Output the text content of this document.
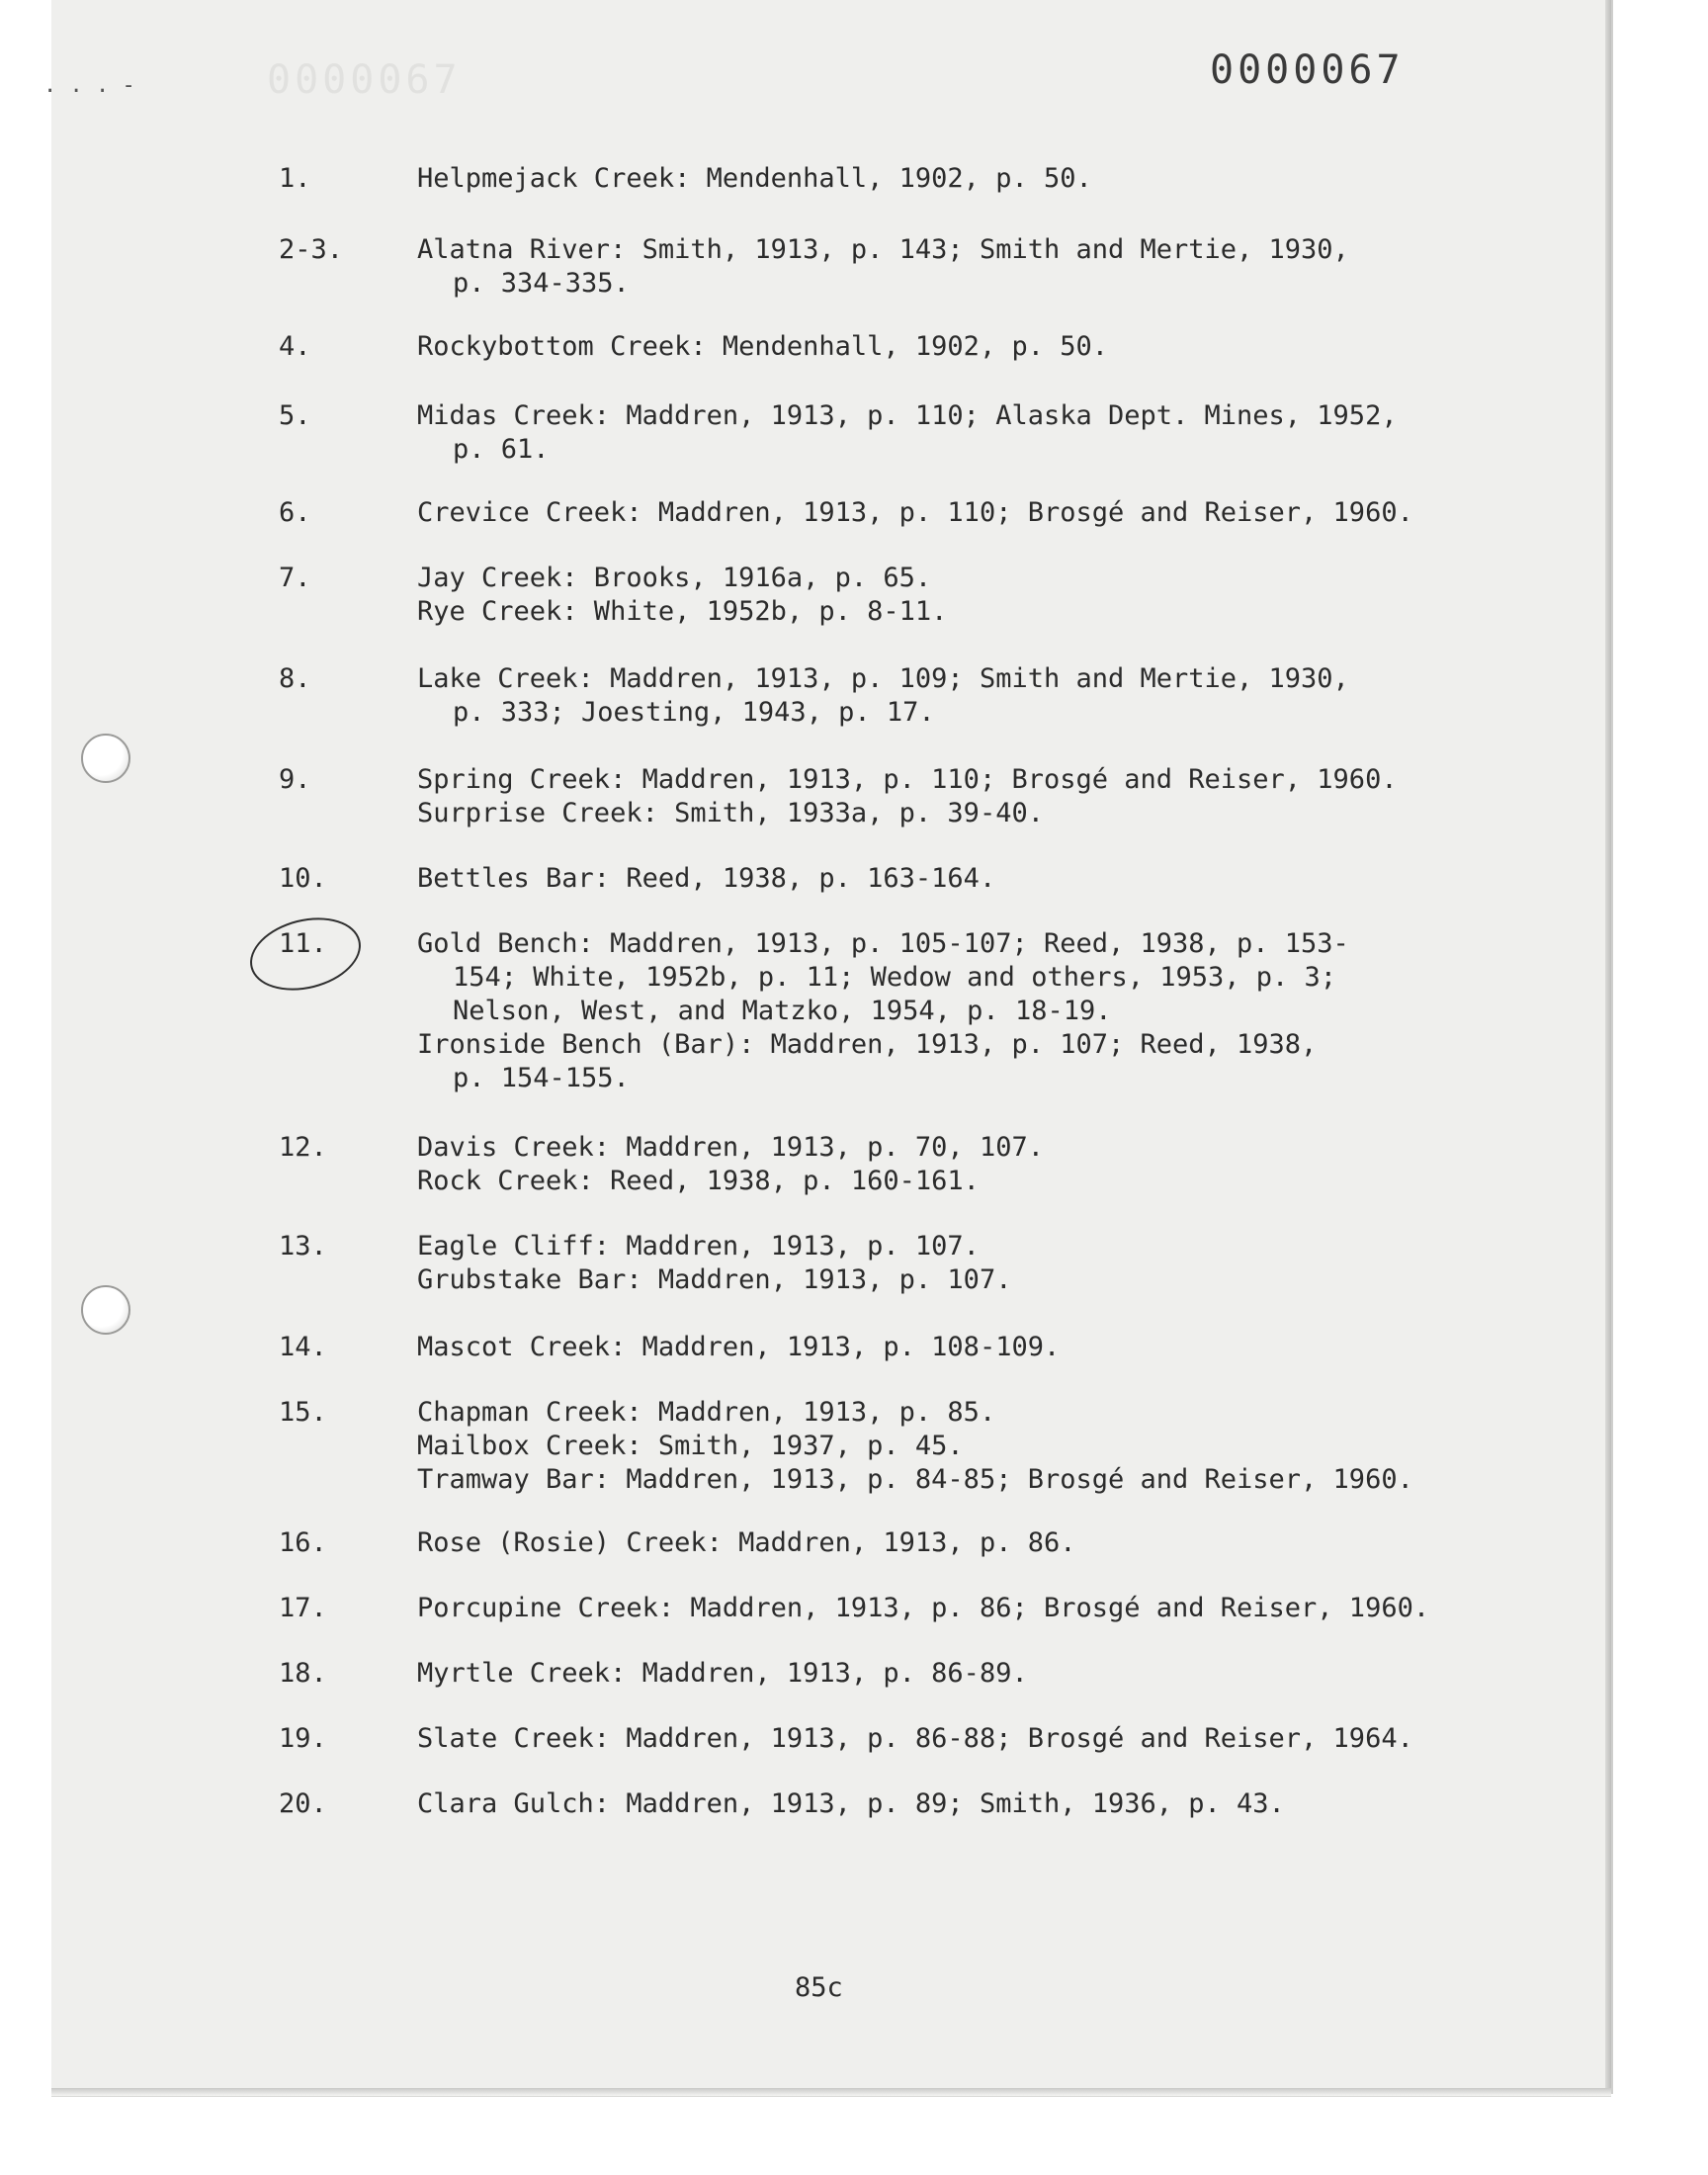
0000067	0000067
. . . -
1.	Helpmejack Creek: Mendenhall, 1902, p. 50.
2-3.	Alatna River: Smith, 1913, p. 143; Smith and Mertie, 1930,
p. 334-335.
4.	Rockybottom Creek: Mendenhall, 1902, p. 50.
5.	Midas Creek: Maddren, 1913, p. 110; Alaska Dept. Mines, 1952,
p. 61.
6.	Crevice Creek: Maddren, 1913, p. 110; Brosgé and Reiser, 1960.
7.	Jay Creek: Brooks, 1916a, p. 65.
Rye Creek: White, 1952b, p. 8-11.
8.	Lake Creek: Maddren, 1913, p. 109; Smith and Mertie, 1930,
p. 333; Joesting, 1943, p. 17.
9.	Spring Creek: Maddren, 1913, p. 110; Brosgé and Reiser, 1960.
Surprise Creek: Smith, 1933a, p. 39-40.
10.	Bettles Bar: Reed, 1938, p. 163-164.
11.	Gold Bench: Maddren, 1913, p. 105-107; Reed, 1938, p. 153-
154; White, 1952b, p. 11; Wedow and others, 1953, p. 3;
Nelson, West, and Matzko, 1954, p. 18-19.
Ironside Bench (Bar): Maddren, 1913, p. 107; Reed, 1938,
p. 154-155.
12.	Davis Creek: Maddren, 1913, p. 70, 107.
Rock Creek: Reed, 1938, p. 160-161.
13.	Eagle Cliff: Maddren, 1913, p. 107.
Grubstake Bar: Maddren, 1913, p. 107.
14.	Mascot Creek: Maddren, 1913, p. 108-109.
15.	Chapman Creek: Maddren, 1913, p. 85.
Mailbox Creek: Smith, 1937, p. 45.
Tramway Bar: Maddren, 1913, p. 84-85; Brosgé and Reiser, 1960.
16.	Rose (Rosie) Creek: Maddren, 1913, p. 86.
17.	Porcupine Creek: Maddren, 1913, p. 86; Brosgé and Reiser, 1960.
18.	Myrtle Creek: Maddren, 1913, p. 86-89.
19.	Slate Creek: Maddren, 1913, p. 86-88; Brosgé and Reiser, 1964.
20.	Clara Gulch: Maddren, 1913, p. 89; Smith, 1936, p. 43.
85c
